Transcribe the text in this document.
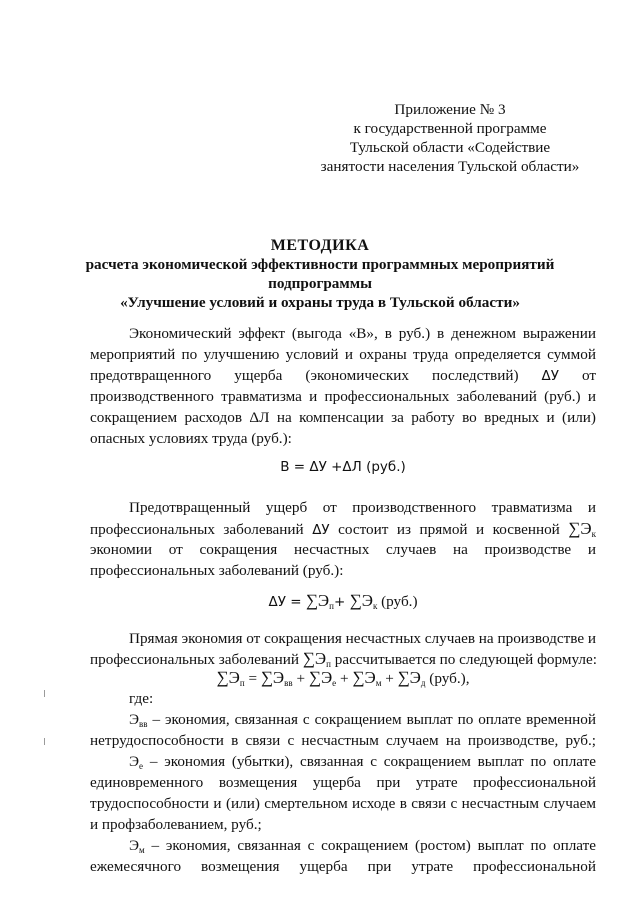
Приложение № 3
к государственной программе
Тульской области «Содействие
занятости населения Тульской области»
МЕТОДИКА
расчета экономической эффективности программных мероприятий
подпрограммы
«Улучшение условий и охраны труда в Тульской области»
Экономический эффект (выгода «В», в руб.) в денежном выражении
мероприятий по улучшению условий и охраны труда определяется суммой
предотвращенного ущерба (экономических последствий) ΔУ от
производственного травматизма и профессиональных заболеваний (руб.) и
сокращением расходов ΔЛ на компенсации за работу во вредных и (или)
опасных условиях труда (руб.):
В = ΔУ +ΔЛ (руб.)
Предотвращенный ущерб от производственного травматизма и
профессиональных заболеваний ΔУ состоит из прямой и косвенной $\sum Э_к$
экономии от сокращения несчастных случаев на производстве и
профессиональных заболеваний (руб.):
$\Delta У = \sum Э_п+ \sum Э_к$ (руб.)
Прямая экономия от сокращения несчастных случаев на производстве и
профессиональных заболеваний $\sum Э_п$ рассчитывается по следующей формуле:
$\sum Э_п = \sum Э_{вв} + \sum Э_е + \sum Э_м + \sum Э_д$ (руб.),
где:
$Э_{вв}$ – экономия, связанная с сокращением выплат по оплате временной
нетрудоспособности в связи с несчастным случаем на производстве, руб.;
$Э_е$ – экономия (убытки), связанная с сокращением выплат по оплате
единовременного возмещения ущерба при утрате профессиональной
трудоспособности и (или) смертельном исходе в связи с несчастным случаем
и профзаболеванием, руб.;
$Э_м$ – экономия, связанная с сокращением (ростом) выплат по оплате
ежемесячного возмещения ущерба при утрате профессиональной
